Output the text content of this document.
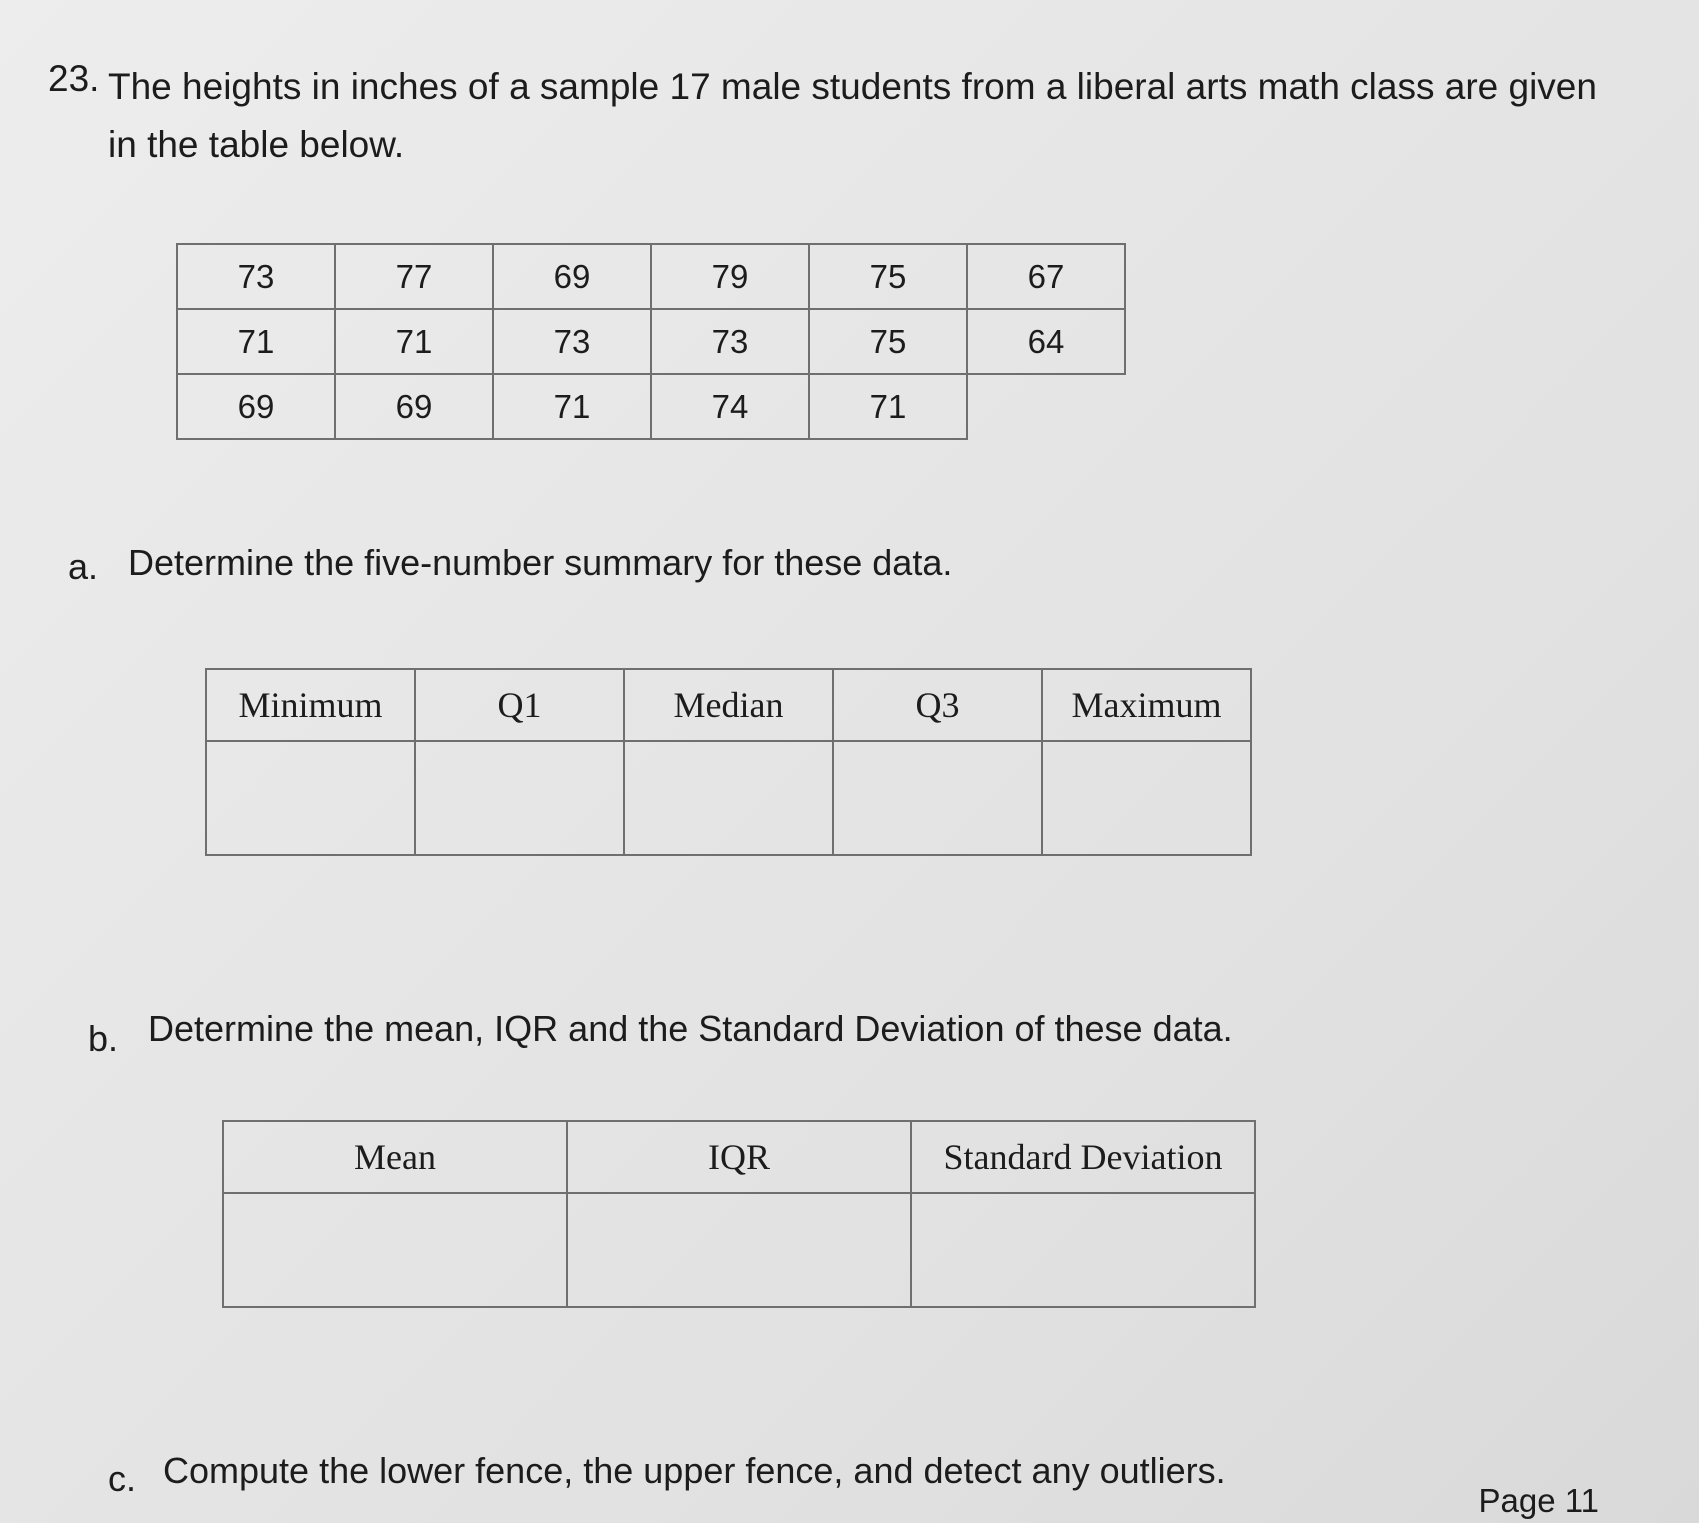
23. The heights in inches of a sample 17 male students from a liberal arts math class are given in the table below.
73	77	69	79	75	67
71	71	73	73	75	64
69	69	71	74	71	
a. Determine the five-number summary for these data.
Minimum	Q1	Median	Q3	Maximum

b. Determine the mean, IQR and the Standard Deviation of these data.
Mean	IQR	Standard Deviation

c. Compute the lower fence, the upper fence, and detect any outliers.
Page 11
